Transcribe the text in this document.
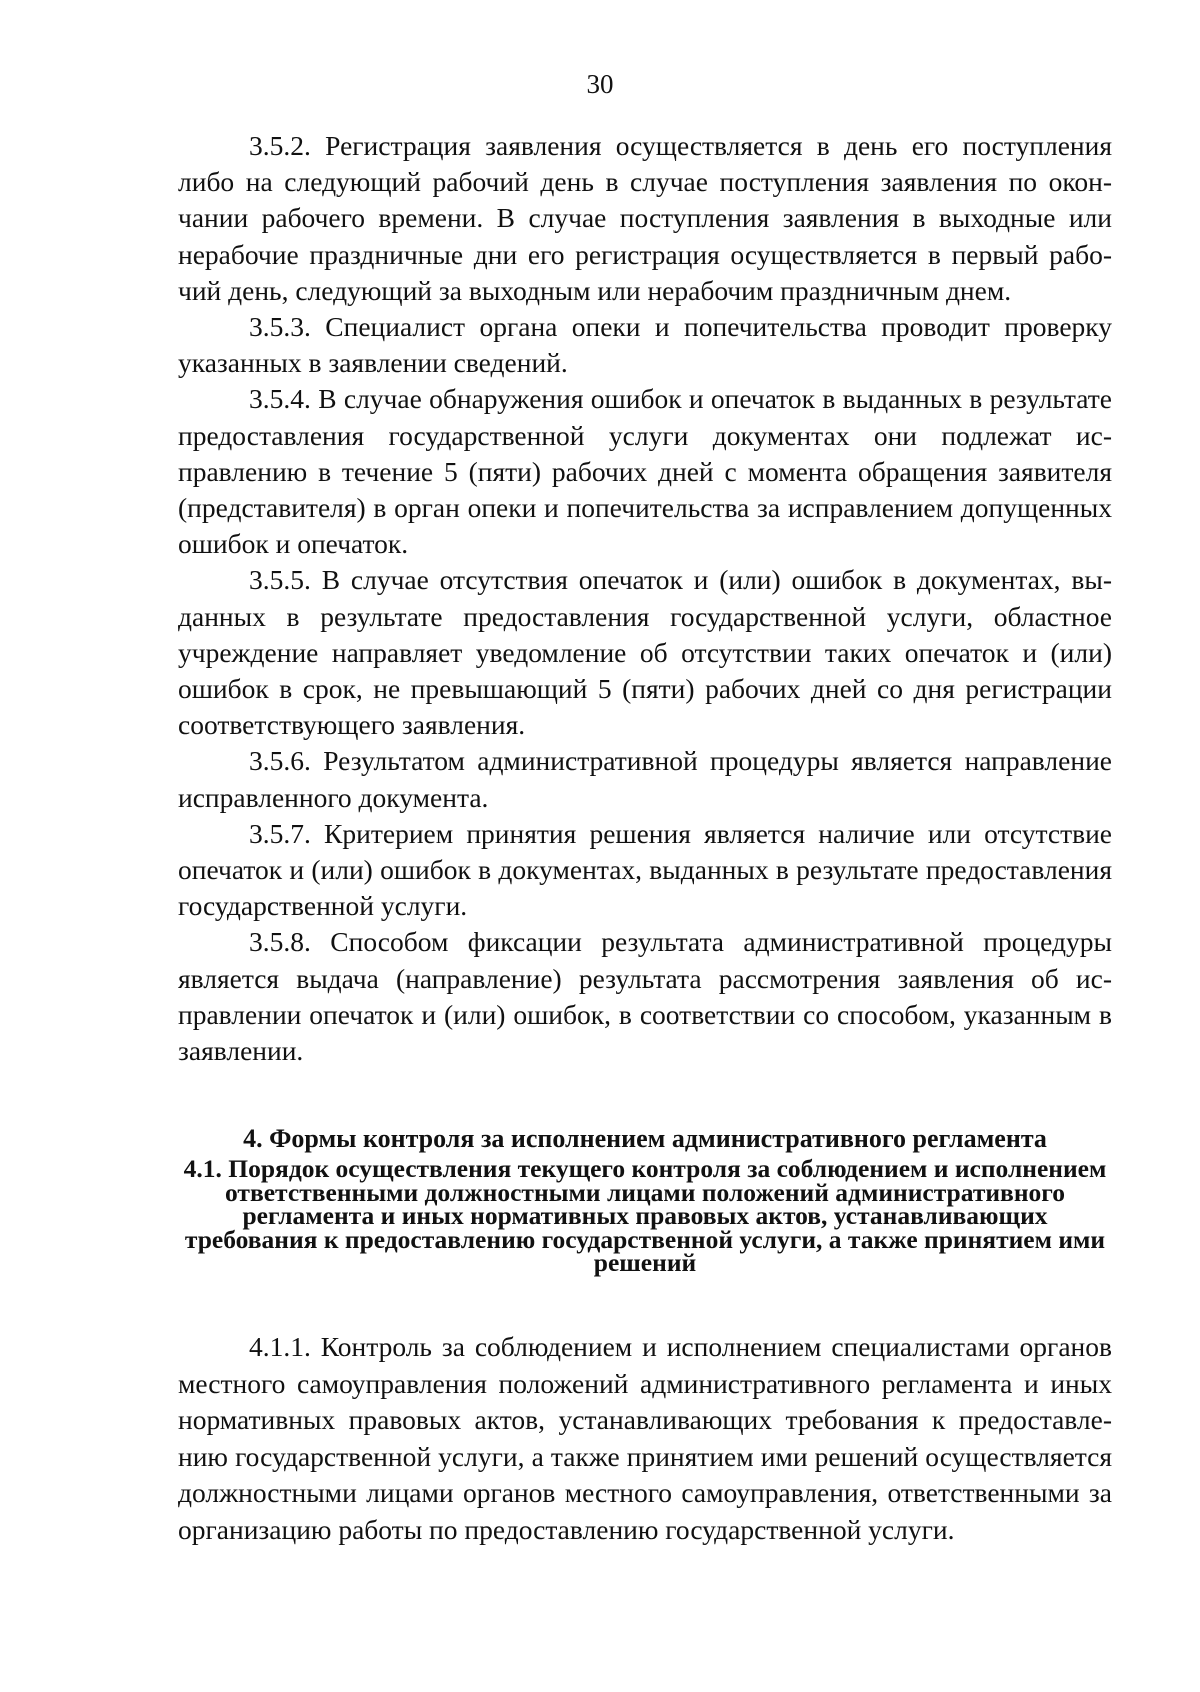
30

3.5.2. Регистрация заявления осуществляется в день его поступления либо на следующий рабочий день в случае поступления заявления по окончании рабочего времени. В случае поступления заявления в выходные или нерабочие праздничные дни его регистрация осуществляется в первый рабочий день, следующий за выходным или нерабочим праздничным днем.

3.5.3. Специалист органа опеки и попечительства проводит проверку указанных в заявлении сведений.

3.5.4. В случае обнаружения ошибок и опечаток в выданных в результате предоставления государственной услуги документах они подлежат исправлению в течение 5 (пяти) рабочих дней с момента обращения заявителя (представителя) в орган опеки и попечительства за исправлением допущенных ошибок и опечаток.

3.5.5. В случае отсутствия опечаток и (или) ошибок в документах, выданных в результате предоставления государственной услуги, областное учреждение направляет уведомление об отсутствии таких опечаток и (или) ошибок в срок, не превышающий 5 (пяти) рабочих дней со дня регистрации соответствующего заявления.

3.5.6. Результатом административной процедуры является направление исправленного документа.

3.5.7. Критерием принятия решения является наличие или отсутствие опечаток и (или) ошибок в документах, выданных в результате предоставления государственной услуги.

3.5.8. Способом фиксации результата административной процедуры является выдача (направление) результата рассмотрения заявления об исправлении опечаток и (или) ошибок, в соответствии со способом, указанным в заявлении.

4. Формы контроля за исполнением административного регламента
4.1. Порядок осуществления текущего контроля за соблюдением и исполнением ответственными должностными лицами положений административного регламента и иных нормативных правовых актов, устанавливающих требования к предоставлению государственной услуги, а также принятием ими решений

4.1.1. Контроль за соблюдением и исполнением специалистами органов местного самоуправления положений административного регламента и иных нормативных правовых актов, устанавливающих требования к предоставлению государственной услуги, а также принятием ими решений осуществляется должностными лицами органов местного самоуправления, ответственными за организацию работы по предоставлению государственной услуги.
